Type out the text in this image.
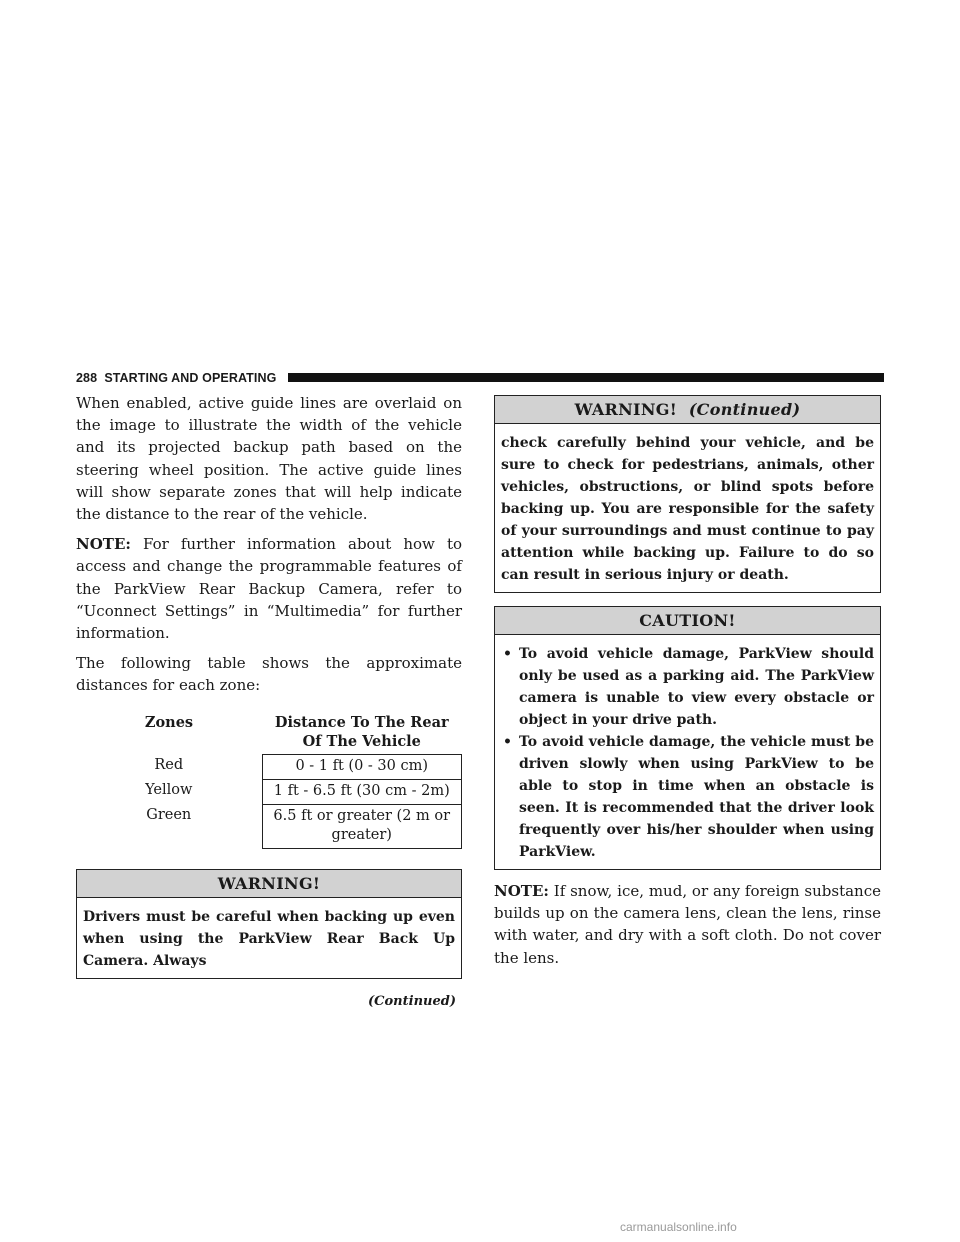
288 STARTING AND OPERATING

When enabled, active guide lines are overlaid on the image to illustrate the width of the vehicle and its projected backup path based on the steering wheel position. The active guide lines will show separate zones that will help indicate the distance to the rear of the vehicle.

NOTE: For further information about how to access and change the programmable features of the ParkView Rear Backup Camera, refer to “Uconnect Settings” in “Multimedia” for further information.

The following table shows the approximate distances for each zone:

Zones	Distance To The Rear Of The Vehicle
Red	0 - 1 ft (0 - 30 cm)
Yellow	1 ft - 6.5 ft (30 cm - 2m)
Green	6.5 ft or greater (2 m or greater)
WARNING!
Drivers must be careful when backing up even when using the ParkView Rear Back Up Camera. Always
(Continued)
WARNING! (Continued)
check carefully behind your vehicle, and be sure to check for pedestrians, animals, other vehicles, obstructions, or blind spots before backing up. You are responsible for the safety of your surroundings and must continue to pay attention while backing up. Failure to do so can result in serious injury or death.
CAUTION!
• To avoid vehicle damage, ParkView should only be used as a parking aid. The ParkView camera is unable to view every obstacle or object in your drive path.
• To avoid vehicle damage, the vehicle must be driven slowly when using ParkView to be able to stop in time when an obstacle is seen. It is recommended that the driver look frequently over his/her shoulder when using ParkView.

NOTE: If snow, ice, mud, or any foreign substance builds up on the camera lens, clean the lens, rinse with water, and dry with a soft cloth. Do not cover the lens.

carmanualsonline.info
